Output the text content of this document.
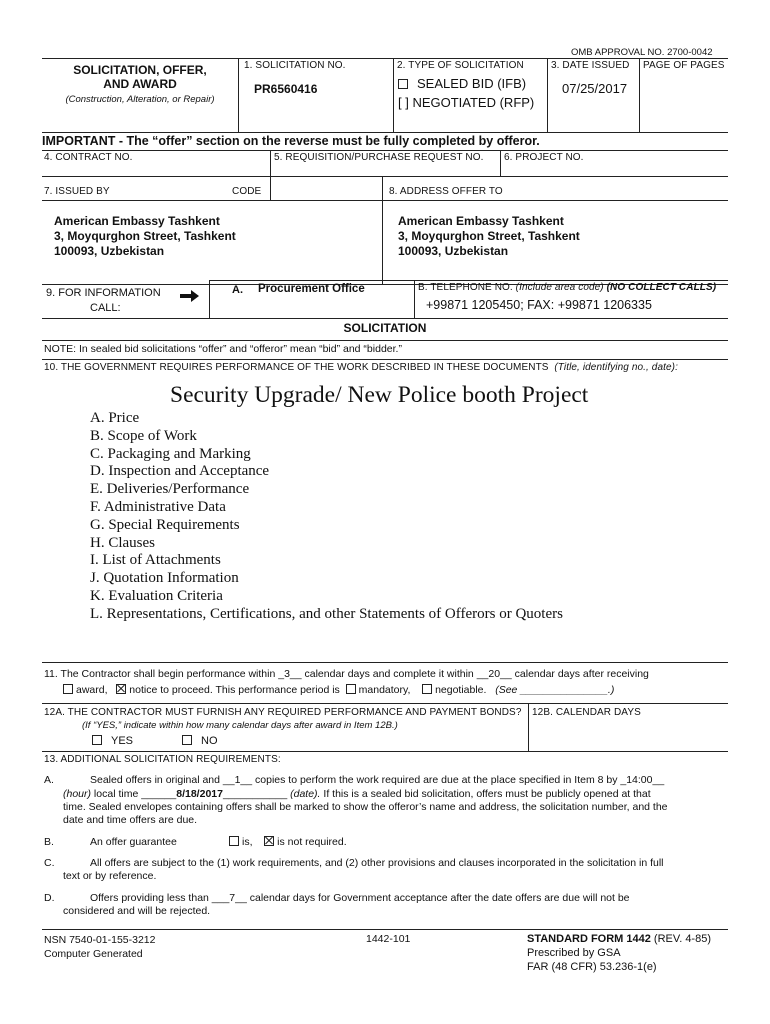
OMB APPROVAL NO. 2700-0042
SOLICITATION, OFFER,
AND AWARD
(Construction, Alteration, or Repair)
1. SOLICITATION NO.
PR6560416
2. TYPE OF SOLICITATION
SEALED BID (IFB)
[ ] NEGOTIATED (RFP)
3. DATE ISSUED
07/25/2017
PAGE OF PAGES
IMPORTANT - The “offer” section on the reverse must be fully completed by offeror.
4. CONTRACT NO.	5. REQUISITION/PURCHASE REQUEST NO. 6. PROJECT NO.
7. ISSUED BY	CODE	8. ADDRESS OFFER TO
American Embassy Tashkent
3, Moyqurghon Street, Tashkent
100093, Uzbekistan
American Embassy Tashkent
3, Moyqurghon Street, Tashkent
100093, Uzbekistan
9. FOR INFORMATION
CALL:
A. Procurement Office	B. TELEPHONE NO. (Include area code) (NO COLLECT CALLS)
+99871 1205450; FAX: +99871 1206335
SOLICITATION
NOTE: In sealed bid solicitations “offer” and “offeror” mean “bid” and “bidder.”
10. THE GOVERNMENT REQUIRES PERFORMANCE OF THE WORK DESCRIBED IN THESE DOCUMENTS (Title, identifying no., date):
Security Upgrade/ New Police booth Project
A. Price
B. Scope of Work
C. Packaging and Marking
D. Inspection and Acceptance
E. Deliveries/Performance
F. Administrative Data
G. Special Requirements
H. Clauses
I. List of Attachments
J. Quotation Information
K. Evaluation Criteria
L. Representations, Certifications, and other Statements of Offerors or Quoters
11. The Contractor shall begin performance within _3__ calendar days and complete it within __20__ calendar days after receiving
award, notice to proceed. This performance period is mandatory, negotiable. (See _______________.)
12A. THE CONTRACTOR MUST FURNISH ANY REQUIRED PERFORMANCE AND PAYMENT BONDS?
(If “YES,” indicate within how many calendar days after award in Item 12B.)
YES	NO
12B. CALENDAR DAYS
13. ADDITIONAL SOLICITATION REQUIREMENTS:
A.	Sealed offers in original and __1__ copies to perform the work required are due at the place specified in Item 8 by _14:00__
(hour) local time ______8/18/2017___________ (date). If this is a sealed bid solicitation, offers must be publicly opened at that
time. Sealed envelopes containing offers shall be marked to show the offeror’s name and address, the solicitation number, and the
date and time offers are due.
B.	An offer guarantee	is, is not required.
C.	All offers are subject to the (1) work requirements, and (2) other provisions and clauses incorporated in the solicitation in full
text or by reference.
D.	Offers providing less than ___7__ calendar days for Government acceptance after the date offers are due will not be
considered and will be rejected.
NSN 7540-01-155-3212
Computer Generated
1442-101	STANDARD FORM 1442 (REV. 4-85)
Prescribed by GSA
FAR (48 CFR) 53.236-1(e)
